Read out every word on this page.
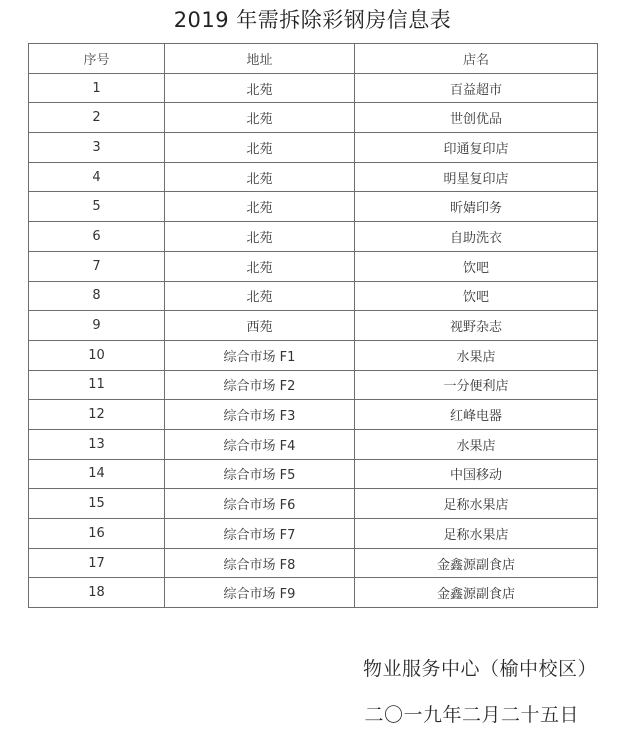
2019 年需拆除彩钢房信息表
序号	地址	店名
1	北苑	百益超市
2	北苑	世创优品
3	北苑	印通复印店
4	北苑	明星复印店
5	北苑	昕婧印务
6	北苑	自助洗衣
7	北苑	饮吧
8	北苑	饮吧
9	西苑	视野杂志
10	综合市场 F1	水果店
11	综合市场 F2	一分便利店
12	综合市场 F3	红峰电器
13	综合市场 F4	水果店
14	综合市场 F5	中国移动
15	综合市场 F6	足称水果店
16	综合市场 F7	足称水果店
17	综合市场 F8	金鑫源副食店
18	综合市场 F9	金鑫源副食店
物业服务中心（榆中校区）
二〇一九年二月二十五日
